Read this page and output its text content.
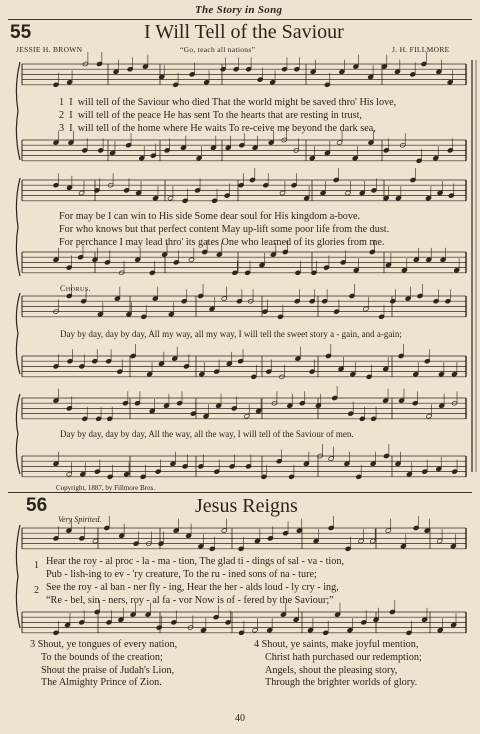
The Story in Song
55	I Will Tell of the Saviour
JESSIE H. BROWN	“Go, teach all nations”	J. H. FILLMORE
1 I will tell of the Saviour who died That the world might be saved thro' His love,
2 I will tell of the peace He has sent To the hearts that are resting in trust,
3 I will tell of the home where He waits To re-ceive me beyond the dark sea,
For may be I can win to His side Some dear soul for His kingdom a-bove.
For who knows but that perfect content May up-lift some poor life from the dust.
For perchance I may lead thro' its gates One who learned of its glories from me.
Chorus.
Day by day, day by day, All my way, all my way, I will tell the sweet story a - gain, and a-gain;
Day by day, day by day, All the way, all the way, I will tell of the Saviour of men.
Copyright, 1887, by Fillmore Bros.
56	Jesus Reigns
Very Spirited.
1
2
Hear the roy - al proc - la - ma - tion, The glad ti - dings of sal - va - tion,
Pub - lish-ing to ev - 'ry creature, To the ru - ined sons of na - ture;
See the roy - al ban - ner fly - ing, Hear the her - alds loud - ly cry - ing,
“Re - bel, sin - ners, roy - al fa - vor Now is of - fered by the Saviour;”
3 Shout, ye tongues of every nation,
To the bounds of the creation;
Shout the praise of Judah's Lion,
The Almighty Prince of Zion.
4 Shout, ye saints, make joyful mention,
Christ hath purchased our redemption;
Angels, shout the pleasing story,
Through the brighter worlds of glory.
40
